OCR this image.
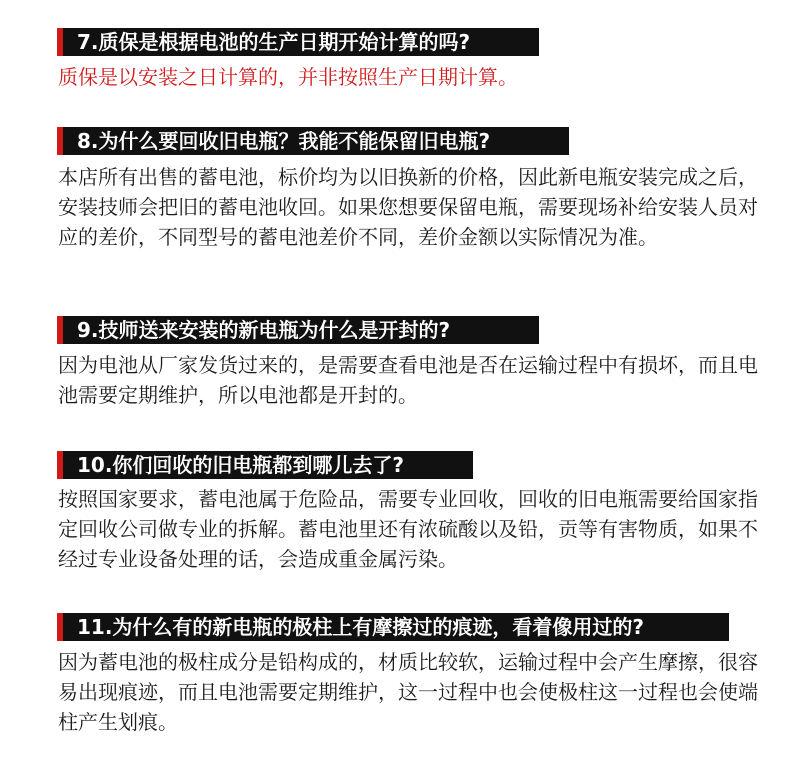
7.质保是根据电池的生产日期开始计算的吗?
质保是以安装之日计算的，并非按照生产日期计算。
8.为什么要回收旧电瓶？我能不能保留旧电瓶?
本店所有出售的蓄电池，标价均为以旧换新的价格，因此新电瓶安装完成之后，安装技师会把旧的蓄电池收回。如果您想要保留电瓶，需要现场补给安装人员对应的差价，不同型号的蓄电池差价不同，差价金额以实际情况为准。
9.技师送来安装的新电瓶为什么是开封的?
因为电池从厂家发货过来的，是需要查看电池是否在运输过程中有损坏，而且电池需要定期维护，所以电池都是开封的。
10.你们回收的旧电瓶都到哪儿去了?
按照国家要求，蓄电池属于危险品，需要专业回收，回收的旧电瓶需要给国家指定回收公司做专业的拆解。蓄电池里还有浓硫酸以及铅，贡等有害物质，如果不经过专业设备处理的话，会造成重金属污染。
11.为什么有的新电瓶的极柱上有摩擦过的痕迹，看着像用过的?
因为蓄电池的极柱成分是铅构成的，材质比较软，运输过程中会产生摩擦，很容易出现痕迹，而且电池需要定期维护，这一过程中也会使极柱这一过程也会使端柱产生划痕。
